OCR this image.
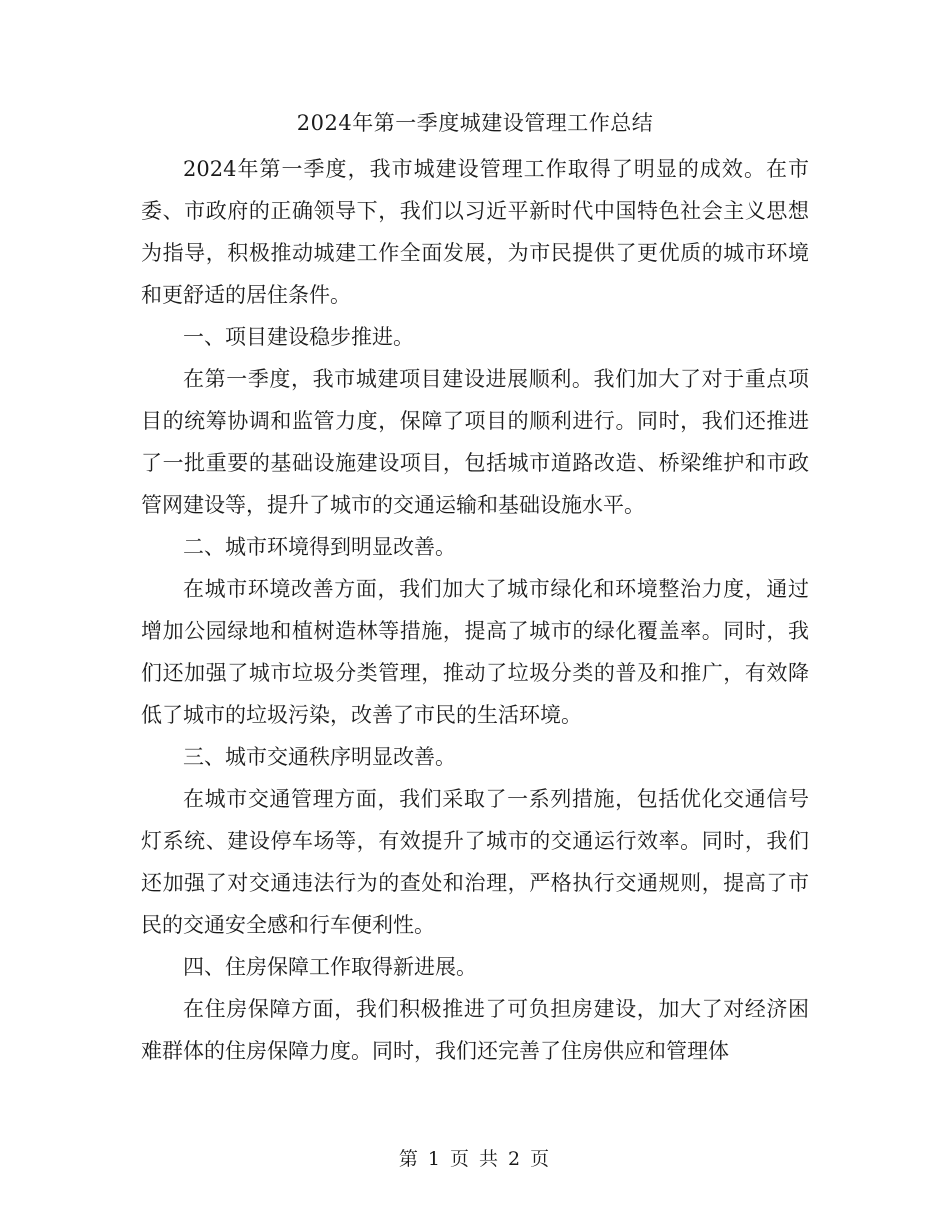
2024年第一季度城建设管理工作总结

2024年第一季度，我市城建设管理工作取得了明显的成效。在市委、市政府的正确领导下，我们以习近平新时代中国特色社会主义思想为指导，积极推动城建工作全面发展，为市民提供了更优质的城市环境和更舒适的居住条件。

一、项目建设稳步推进。

在第一季度，我市城建项目建设进展顺利。我们加大了对于重点项目的统筹协调和监管力度，保障了项目的顺利进行。同时，我们还推进了一批重要的基础设施建设项目，包括城市道路改造、桥梁维护和市政管网建设等，提升了城市的交通运输和基础设施水平。

二、城市环境得到明显改善。

在城市环境改善方面，我们加大了城市绿化和环境整治力度，通过增加公园绿地和植树造林等措施，提高了城市的绿化覆盖率。同时，我们还加强了城市垃圾分类管理，推动了垃圾分类的普及和推广，有效降低了城市的垃圾污染，改善了市民的生活环境。

三、城市交通秩序明显改善。

在城市交通管理方面，我们采取了一系列措施，包括优化交通信号灯系统、建设停车场等，有效提升了城市的交通运行效率。同时，我们还加强了对交通违法行为的查处和治理，严格执行交通规则，提高了市民的交通安全感和行车便利性。

四、住房保障工作取得新进展。

在住房保障方面，我们积极推进了可负担房建设，加大了对经济困难群体的住房保障力度。同时，我们还完善了住房供应和管理体

第 1 页 共 2 页
